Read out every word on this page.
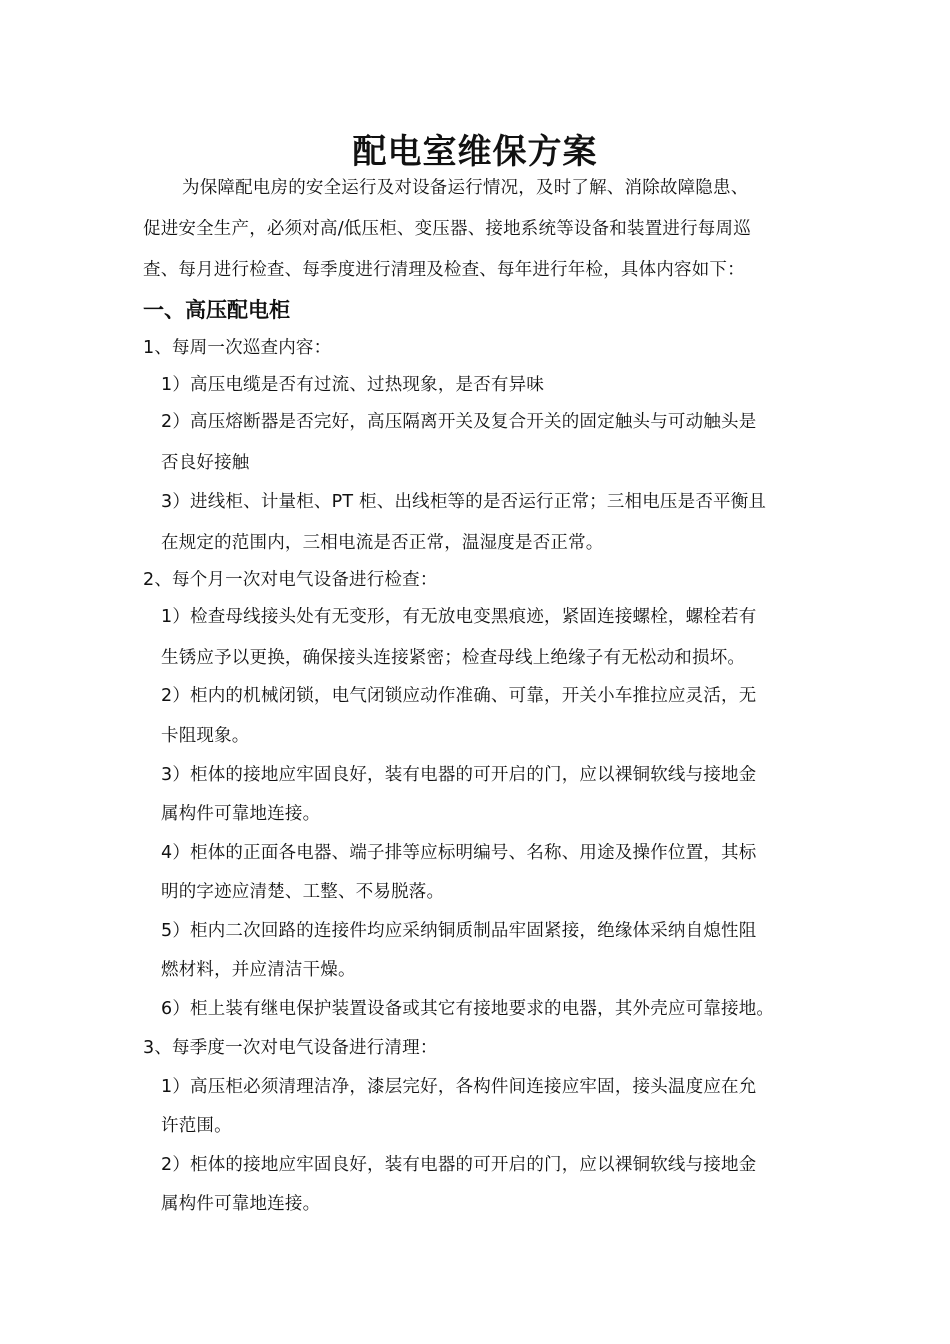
配电室维保方案
为保障配电房的安全运行及对设备运行情况，及时了解、消除故障隐患、
促进安全生产，必须对高/低压柜、变压器、接地系统等设备和装置进行每周巡
查、每月进行检查、每季度进行清理及检查、每年进行年检，具体内容如下：
一、高压配电柜
1、每周一次巡查内容：
1）高压电缆是否有过流、过热现象，是否有异味
2）高压熔断器是否完好，高压隔离开关及复合开关的固定触头与可动触头是
否良好接触
3）进线柜、计量柜、PT 柜、出线柜等的是否运行正常；三相电压是否平衡且
在规定的范围内，三相电流是否正常，温湿度是否正常。
2、每个月一次对电气设备进行检查：
1）检查母线接头处有无变形，有无放电变黑痕迹，紧固连接螺栓，螺栓若有
生锈应予以更换，确保接头连接紧密；检查母线上绝缘子有无松动和损坏。
2）柜内的机械闭锁，电气闭锁应动作准确、可靠，开关小车推拉应灵活，无
卡阻现象。
3）柜体的接地应牢固良好，装有电器的可开启的门，应以裸铜软线与接地金
属构件可靠地连接。
4）柜体的正面各电器、端子排等应标明编号、名称、用途及操作位置，其标
明的字迹应清楚、工整、不易脱落。
5）柜内二次回路的连接件均应采纳铜质制品牢固紧接，绝缘体采纳自熄性阻
燃材料，并应清洁干燥。
6）柜上装有继电保护装置设备或其它有接地要求的电器，其外壳应可靠接地。
3、每季度一次对电气设备进行清理：
1）高压柜必须清理洁净，漆层完好，各构件间连接应牢固，接头温度应在允
许范围。
2）柜体的接地应牢固良好，装有电器的可开启的门，应以裸铜软线与接地金
属构件可靠地连接。
